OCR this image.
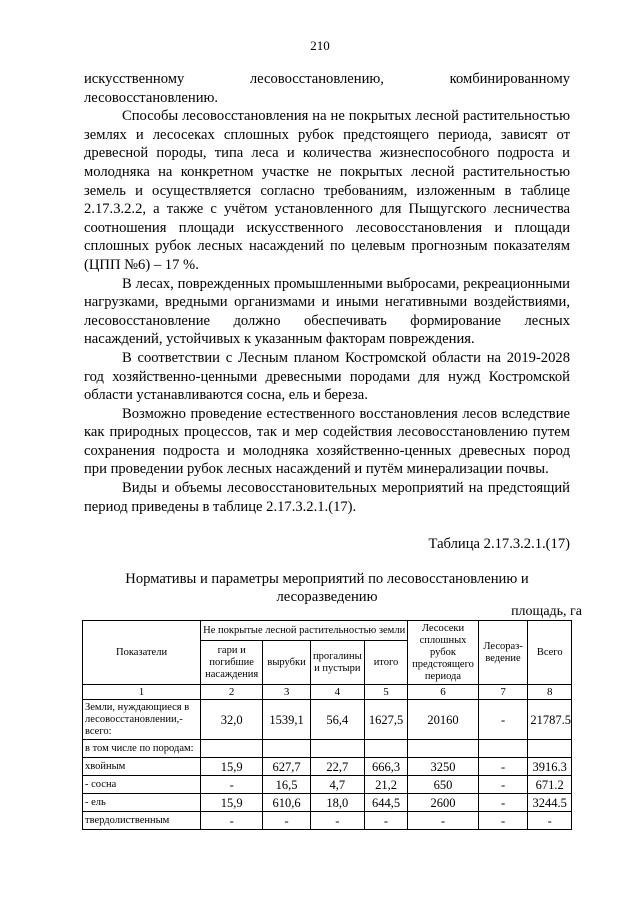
210

искусственному лесовосстановлению, комбинированному лесовосстановлению.

Способы лесовосстановления на не покрытых лесной растительностью землях и лесосеках сплошных рубок предстоящего периода, зависят от древесной породы, типа леса и количества жизнеспособного подроста и молодняка на конкретном участке не покрытых лесной растительностью земель и осуществляется согласно требованиям, изложенным в таблице 2.17.3.2.2, а также с учётом установленного для Пыщугского лесничества соотношения площади искусственного лесовосстановления и площади сплошных рубок лесных насаждений по целевым прогнозным показателям (ЦПП №6) – 17 %.

В лесах, поврежденных промышленными выбросами, рекреационными нагрузками, вредными организмами и иными негативными воздействиями, лесовосстановление должно обеспечивать формирование лесных насаждений, устойчивых к указанным факторам повреждения.

В соответствии с Лесным планом Костромской области на 2019-2028 год хозяйственно-ценными древесными породами для нужд Костромской области устанавливаются сосна, ель и береза.

Возможно проведение естественного восстановления лесов вследствие как природных процессов, так и мер содействия лесовосстановлению путем сохранения подроста и молодняка хозяйственно-ценных древесных пород при проведении рубок лесных насаждений и путём минерализации почвы.

Виды и объемы лесовосстановительных мероприятий на предстоящий период приведены в таблице 2.17.3.2.1.(17).

Таблица 2.17.3.2.1.(17)
Нормативы и параметры мероприятий по лесовосстановлению и лесоразведению
площадь, га
Показатели	Не покрытые лесной растительностью земли				Лесосеки сплошных рубок предстоящего периода	Лесораз-ведение	Всего
	гари и погибшие насаждения	вырубки	прогалины и пустыри	итого			
1	2	3	4	5	6	7	8
Земли, нуждающиеся в лесовосстановлении,-всего:	32,0	1539,1	56,4	1627,5	20160	-	21787.5
в том числе по породам:							
хвойным	15,9	627,7	22,7	666,3	3250	-	3916.3
- сосна	-	16,5	4,7	21,2	650	-	671.2
- ель	15,9	610,6	18,0	644,5	2600	-	3244.5
твердолиственным	-	-	-	-	-	-	-
